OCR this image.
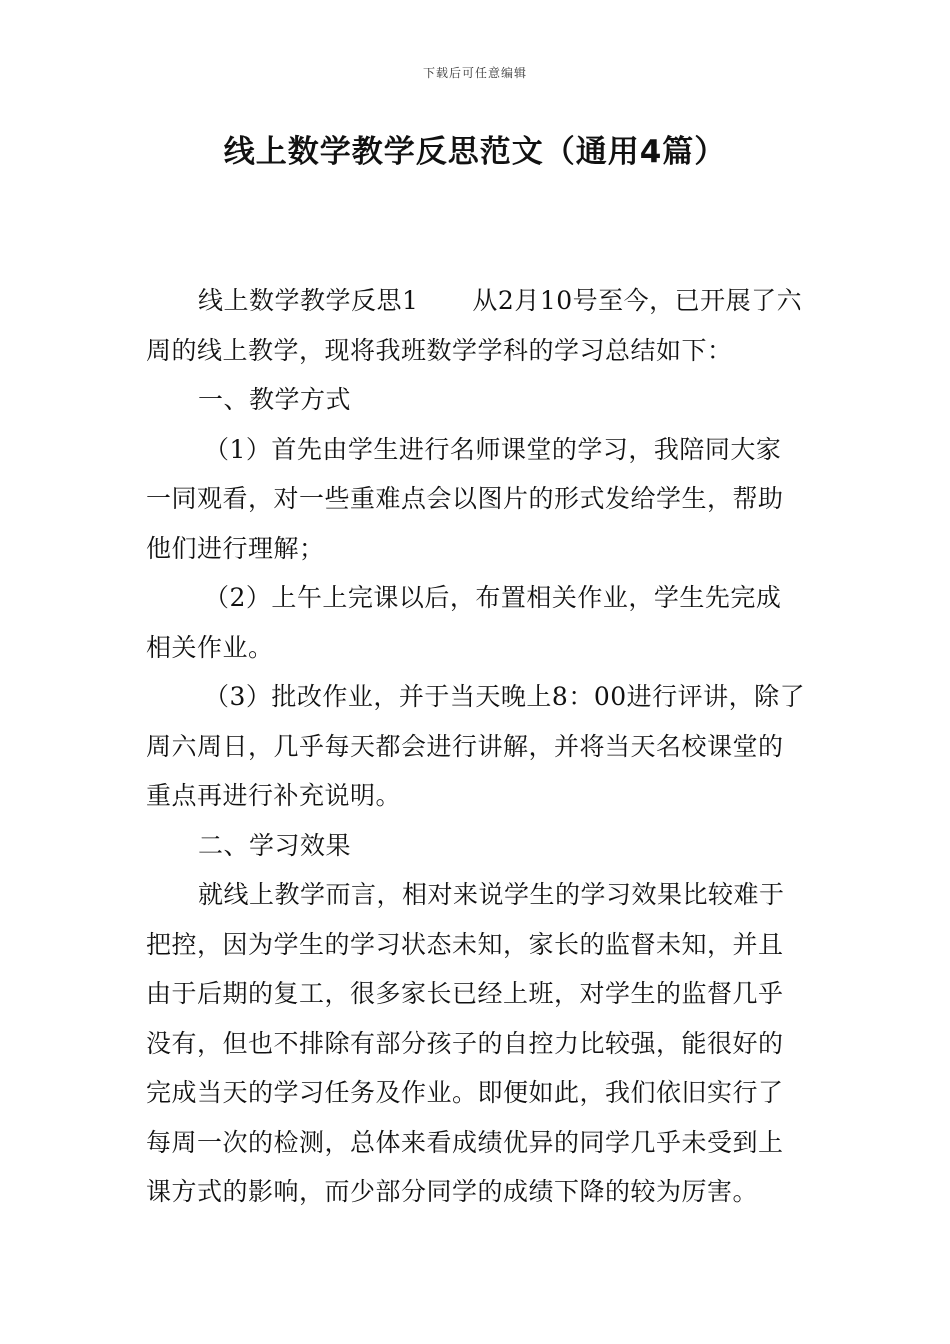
下载后可任意编辑
线上数学教学反思范文（通用4篇）

线上数学教学反思1 从2月10号至今，已开展了六周的线上教学，现将我班数学学科的学习总结如下：

一、教学方式

（1）首先由学生进行名师课堂的学习，我陪同大家一同观看，对一些重难点会以图片的形式发给学生，帮助他们进行理解；

（2）上午上完课以后，布置相关作业，学生先完成相关作业。

（3）批改作业，并于当天晚上8：00进行评讲，除了周六周日，几乎每天都会进行讲解，并将当天名校课堂的重点再进行补充说明。

二、学习效果

就线上教学而言，相对来说学生的学习效果比较难于把控，因为学生的学习状态未知，家长的监督未知，并且由于后期的复工，很多家长已经上班，对学生的监督几乎没有，但也不排除有部分孩子的自控力比较强，能很好的完成当天的学习任务及作业。即便如此，我们依旧实行了每周一次的检测，总体来看成绩优异的同学几乎未受到上课方式的影响，而少部分同学的成绩下降的较为厉害。
